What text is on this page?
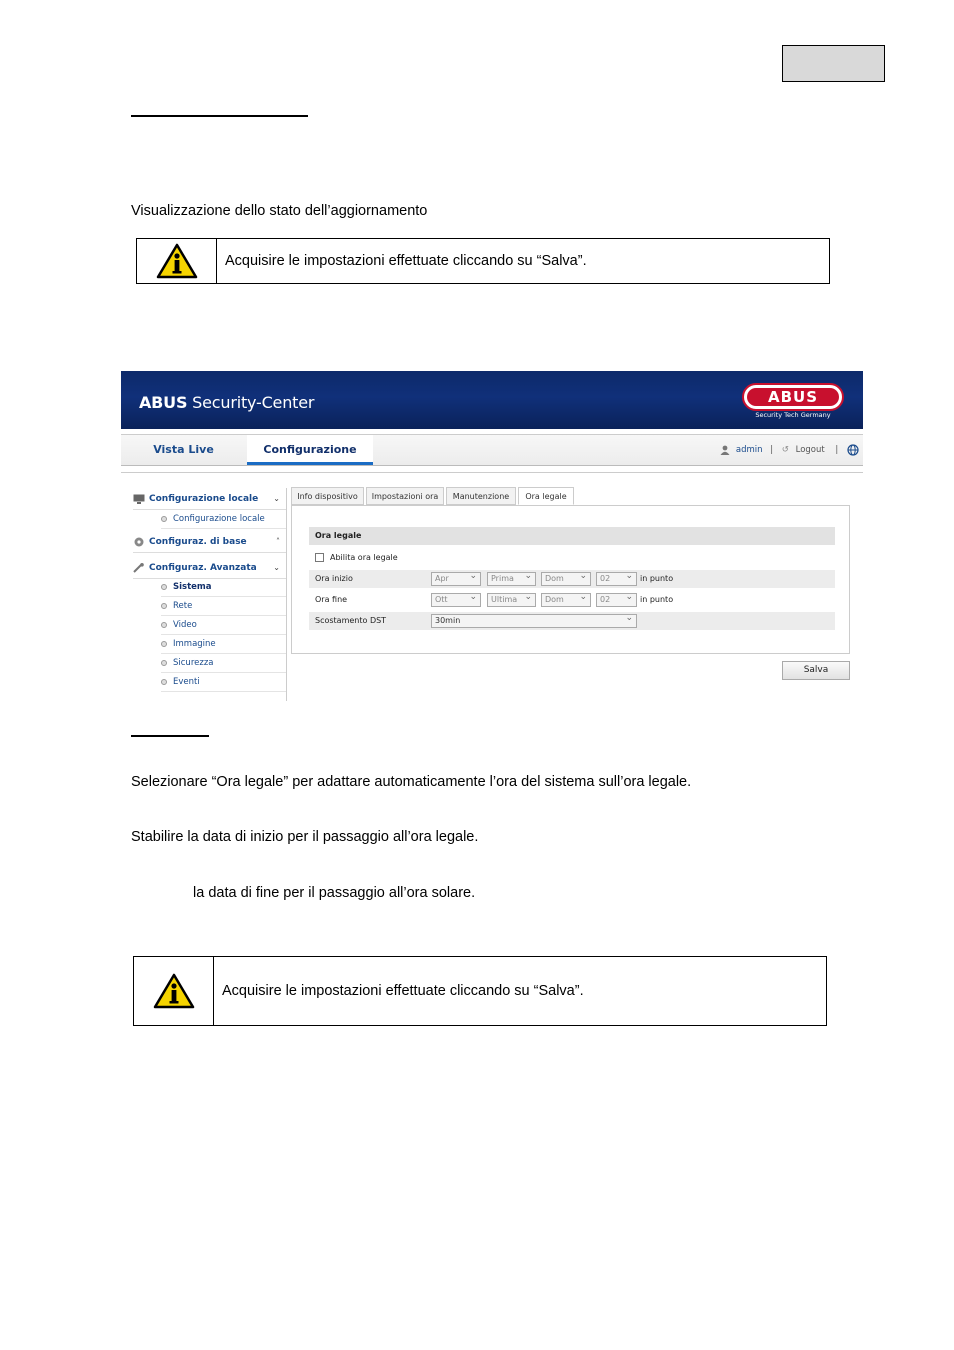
Visualizzazione dello stato dell’aggiornamento
Acquisire le impostazioni effettuate cliccando su “Salva”.
ABUS Security-Center	ABUS
Security Tech Germany
Vista Live	Configurazione	admin | ↺ Logout |
Configurazione locale ⌄
Configurazione locale
Configuraz. di base	˄
Configuraz. Avanzata ⌄
Sistema
Rete
Video
Immagine
Sicurezza
Eventi
Info dispositivo	Impostazioni ora	Manutenzione	Ora legale
Ora legale
Abilita ora legale
Ora inizio	Apr ⌄	Prima ⌄	Dom ⌄	02 ⌄	in punto
Ora fine	Ott ⌄	Ultima ⌄	Dom ⌄	02 ⌄	in punto
Scostamento DST	30min ⌄
Salva
Selezionare “Ora legale” per adattare automaticamente l’ora del sistema sull’ora legale.
Stabilire la data di inizio per il passaggio all’ora legale.
la data di fine per il passaggio all’ora solare.
Acquisire le impostazioni effettuate cliccando su “Salva”.
